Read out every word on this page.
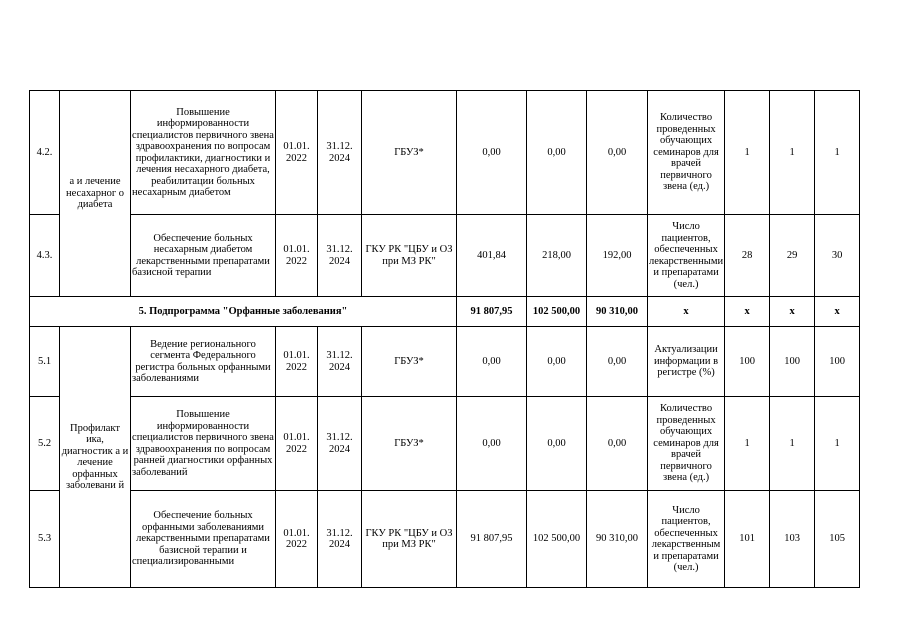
4.2.	а и лечение несахарног о диабета	Повышение информированности специалистов первичного звена здравоохранения по вопросам профилактики, диагностики и лечения несахарного диабета, реабилитации больных несахарным диабетом	01.01. 2022	31.12. 2024	ГБУЗ*	0,00	0,00	0,00	Количество проведенных обучающих семинаров для врачей первичного звена (ед.)	1	1	1
4.3.		Обеспечение больных несахарным диабетом лекарственными препаратами базисной терапии	01.01. 2022	31.12. 2024	ГКУ РК "ЦБУ и ОЗ при МЗ РК"	401,84	218,00	192,00	Число пациентов, обеспеченных лекарственными и препаратами (чел.)	28	29	30
5. Подпрограмма "Орфанные заболевания"						91 807,95	102 500,00	90 310,00	x	x	x	x
5.1	Профилакт ика, диагностик а и лечение орфанных заболевани й	Ведение регионального сегмента Федерального регистра больных орфанными заболеваниями	01.01. 2022	31.12. 2024	ГБУЗ*	0,00	0,00	0,00	Актуализации информации в регистре (%)	100	100	100
5.2		Повышение информированности специалистов первичного звена здравоохранения по вопросам ранней диагностики орфанных заболеваний	01.01. 2022	31.12. 2024	ГБУЗ*	0,00	0,00	0,00	Количество проведенных обучающих семинаров для врачей первичного звена (ед.)	1	1	1
5.3		Обеспечение больных орфанными заболеваниями лекарственными препаратами базисной терапии и специализированными	01.01. 2022	31.12. 2024	ГКУ РК "ЦБУ и ОЗ при МЗ РК"	91 807,95	102 500,00	90 310,00	Число пациентов, обеспеченных лекарственным и препаратами (чел.)	101	103	105
